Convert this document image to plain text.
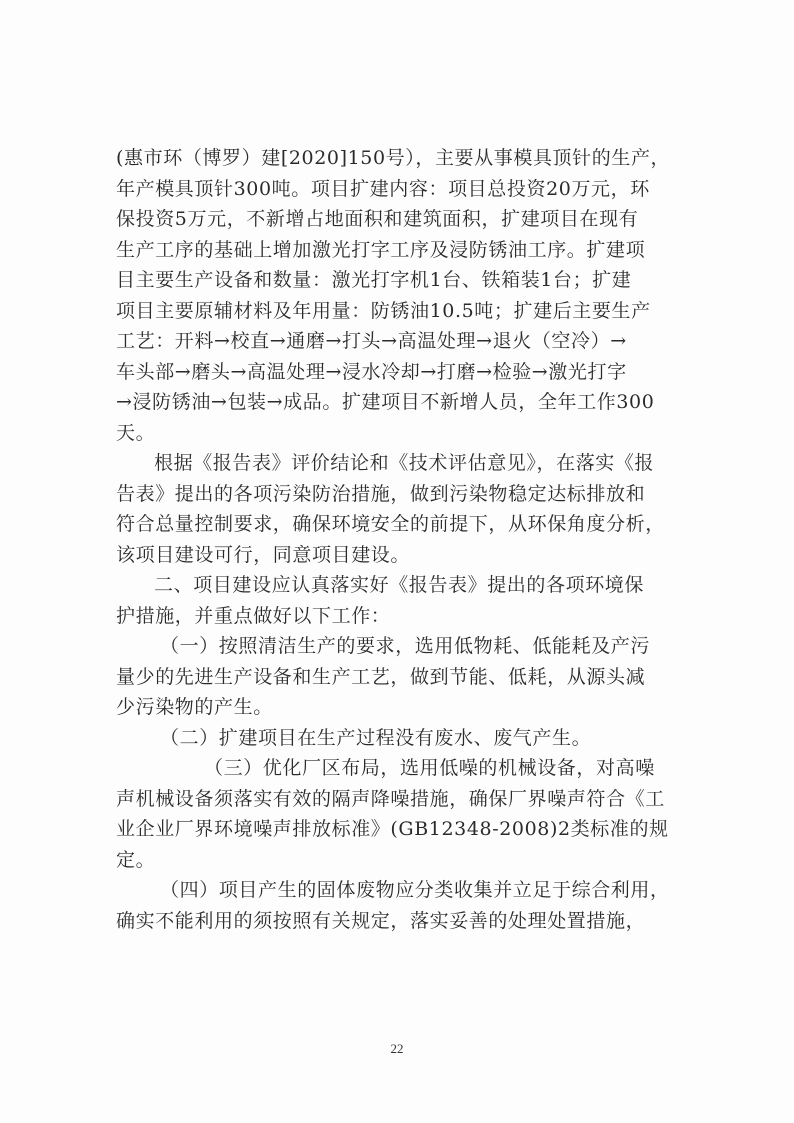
(惠市环（博罗）建[2020]150号），主要从事模具顶针的生产，
年产模具顶针300吨。项目扩建内容：项目总投资20万元，环
保投资5万元，不新增占地面积和建筑面积，扩建项目在现有
生产工序的基础上增加激光打字工序及浸防锈油工序。扩建项
目主要生产设备和数量：激光打字机1台、铁箱装1台；扩建
项目主要原辅材料及年用量：防锈油10.5吨；扩建后主要生产
工艺：开料→校直→通磨→打头→高温处理→退火（空冷）→
车头部→磨头→高温处理→浸水冷却→打磨→检验→激光打字
→浸防锈油→包装→成品。扩建项目不新增人员，全年工作300
天。
根据《报告表》评价结论和《技术评估意见》，在落实《报
告表》提出的各项污染防治措施，做到污染物稳定达标排放和
符合总量控制要求，确保环境安全的前提下，从环保角度分析，
该项目建设可行，同意项目建设。
二、项目建设应认真落实好《报告表》提出的各项环境保
护措施，并重点做好以下工作：
（一）按照清洁生产的要求，选用低物耗、低能耗及产污
量少的先进生产设备和生产工艺，做到节能、低耗，从源头减
少污染物的产生。
（二）扩建项目在生产过程没有废水、废气产生。
（三）优化厂区布局，选用低噪的机械设备，对高噪
声机械设备须落实有效的隔声降噪措施，确保厂界噪声符合《工
业企业厂界环境噪声排放标准》(GB12348-2008)2类标准的规
定。
（四）项目产生的固体废物应分类收集并立足于综合利用，
确实不能利用的须按照有关规定，落实妥善的处理处置措施，
22
